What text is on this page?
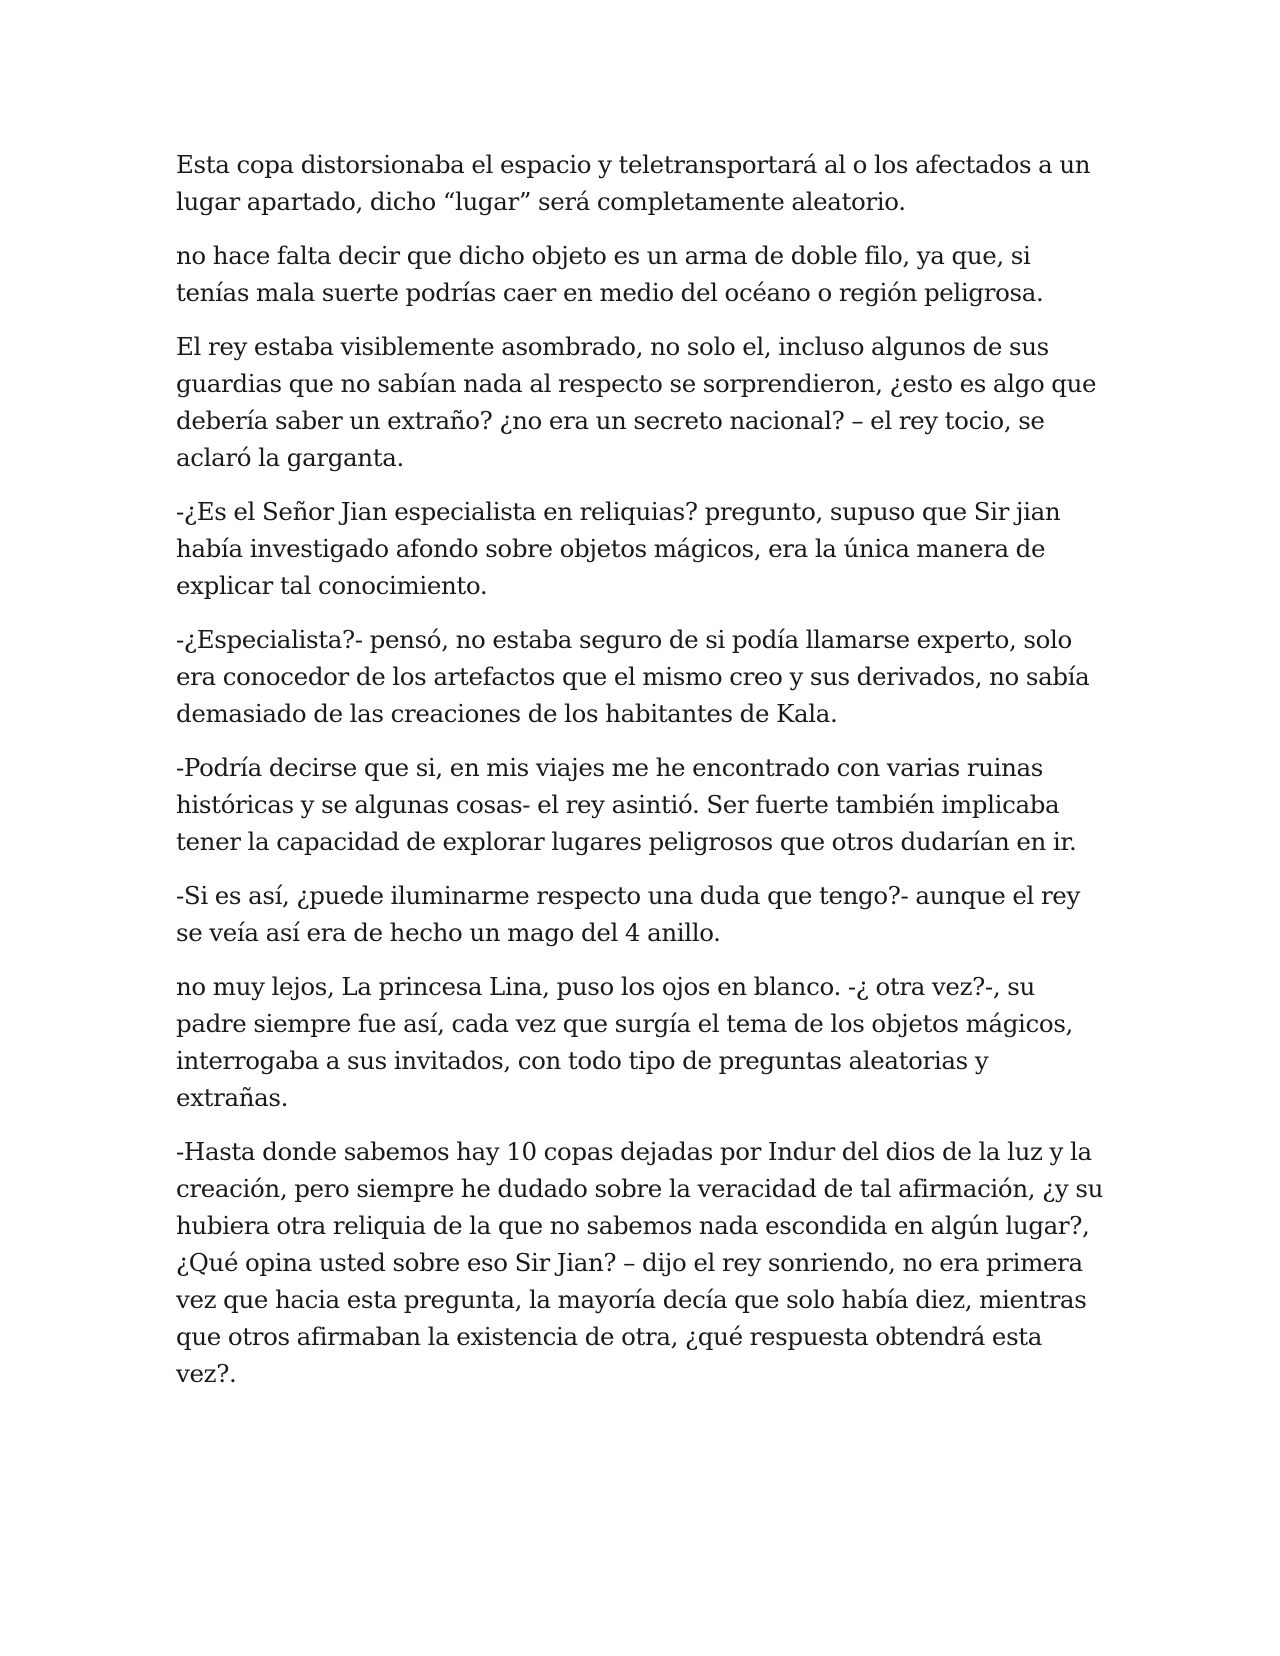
Esta copa distorsionaba el espacio y teletransportará al o los afectados a un lugar apartado, dicho “lugar” será completamente aleatorio.

no hace falta decir que dicho objeto es un arma de doble filo, ya que, si tenías mala suerte podrías caer en medio del océano o región peligrosa.

El rey estaba visiblemente asombrado, no solo el, incluso algunos de sus guardias que no sabían nada al respecto se sorprendieron, ¿esto es algo que debería saber un extraño? ¿no era un secreto nacional? – el rey tocio, se aclaró la garganta.

-¿Es el Señor Jian especialista en reliquias? pregunto, supuso que Sir jian había investigado afondo sobre objetos mágicos, era la única manera de explicar tal conocimiento.

-¿Especialista?- pensó, no estaba seguro de si podía llamarse experto, solo era conocedor de los artefactos que el mismo creo y sus derivados, no sabía demasiado de las creaciones de los habitantes de Kala.

-Podría decirse que si, en mis viajes me he encontrado con varias ruinas históricas y se algunas cosas- el rey asintió. Ser fuerte también implicaba tener la capacidad de explorar lugares peligrosos que otros dudarían en ir.

-Si es así, ¿puede iluminarme respecto una duda que tengo?- aunque el rey se veía así era de hecho un mago del 4 anillo.

no muy lejos, La princesa Lina, puso los ojos en blanco. -¿ otra vez?-, su padre siempre fue así, cada vez que surgía el tema de los objetos mágicos, interrogaba a sus invitados, con todo tipo de preguntas aleatorias y extrañas.

-Hasta donde sabemos hay 10 copas dejadas por Indur del dios de la luz y la creación, pero siempre he dudado sobre la veracidad de tal afirmación, ¿y su hubiera otra reliquia de la que no sabemos nada escondida en algún lugar?, ¿Qué opina usted sobre eso Sir Jian? – dijo el rey sonriendo, no era primera vez que hacia esta pregunta, la mayoría decía que solo había diez, mientras que otros afirmaban la existencia de otra, ¿qué respuesta obtendrá esta vez?.
